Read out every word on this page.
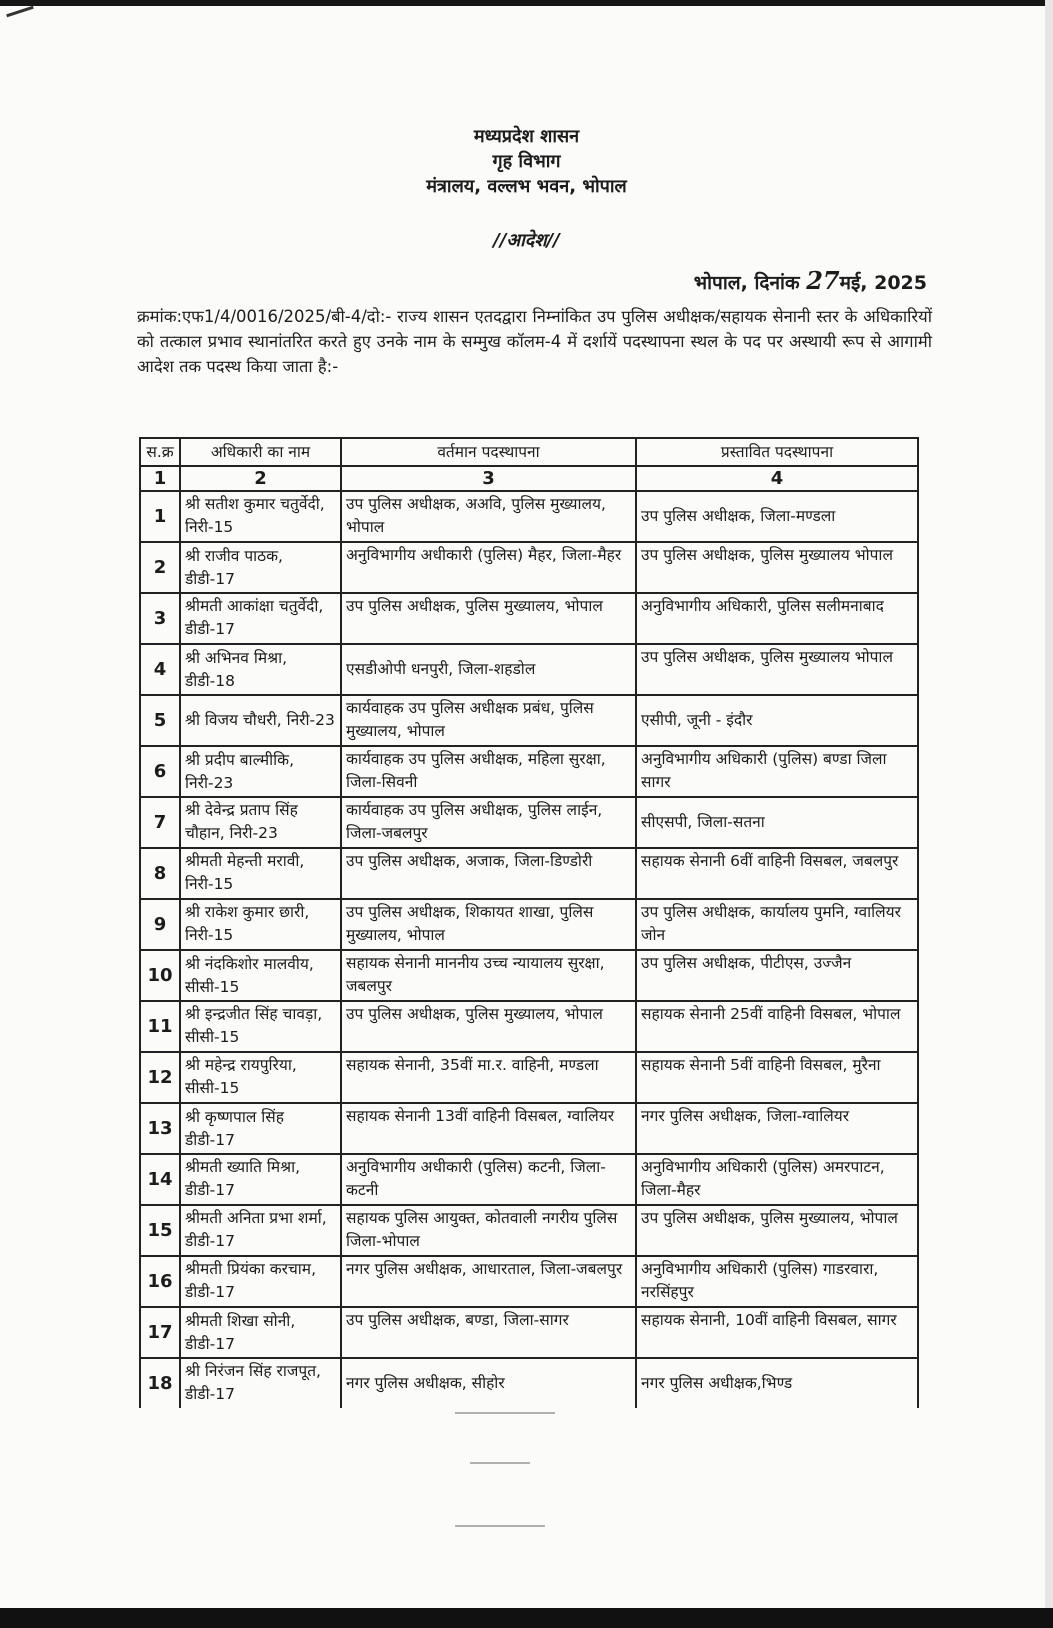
मध्यप्रदेश शासन
गृह विभाग
मंत्रालय, वल्लभ भवन, भोपाल
//आदेश//
भोपाल, दिनांक 27मई, 2025

क्रमांक:एफ1/4/0016/2025/बी-4/दो:- राज्य शासन एतदद्वारा निम्नांकित उप पुलिस अधीक्षक/सहायक सेनानी स्तर के अधिकारियों को तत्काल प्रभाव स्थानांतरित करते हुए उनके नाम के सम्मुख कॉलम-4 में दर्शायें पदस्थापना स्थल के पद पर अस्थायी रूप से आगामी आदेश तक पदस्थ किया जाता है:-

स.क्र	अधिकारी का नाम	वर्तमान पदस्थापना	प्रस्तावित पदस्थापना
1	2	3	4
1	श्री सतीश कुमार चतुर्वेदी, निरी-15	उप पुलिस अधीक्षक, अअवि, पुलिस मुख्यालय, भोपाल	उप पुलिस अधीक्षक, जिला-मण्डला
2	श्री राजीव पाठक, डीडी-17	अनुविभागीय अधीकारी (पुलिस) मैहर, जिला-मैहर	उप पुलिस अधीक्षक, पुलिस मुख्यालय भोपाल
3	श्रीमती आकांक्षा चतुर्वेदी, डीडी-17	उप पुलिस अधीक्षक, पुलिस मुख्यालय, भोपाल	अनुविभागीय अधिकारी, पुलिस सलीमनाबाद
4	श्री अभिनव मिश्रा, डीडी-18	एसडीओपी धनपुरी, जिला-शहडोल	उप पुलिस अधीक्षक, पुलिस मुख्यालय भोपाल
5	श्री विजय चौधरी, निरी-23	कार्यवाहक उप पुलिस अधीक्षक प्रबंध, पुलिस मुख्यालय, भोपाल	एसीपी, जूनी - इंदौर
6	श्री प्रदीप बाल्मीकि, निरी-23	कार्यवाहक उप पुलिस अधीक्षक, महिला सुरक्षा, जिला-सिवनी	अनुविभागीय अधिकारी (पुलिस) बण्डा जिला सागर
7	श्री देवेन्द्र प्रताप सिंह चौहान, निरी-23	कार्यवाहक उप पुलिस अधीक्षक, पुलिस लाईन, जिला-जबलपुर	सीएसपी, जिला-सतना
8	श्रीमती मेहन्ती मरावी, निरी-15	उप पुलिस अधीक्षक, अजाक, जिला-डिण्डोरी	सहायक सेनानी 6वीं वाहिनी विसबल, जबलपुर
9	श्री राकेश कुमार छारी, निरी-15	उप पुलिस अधीक्षक, शिकायत शाखा, पुलिस मुख्यालय, भोपाल	उप पुलिस अधीक्षक, कार्यालय पुमनि, ग्वालियर जोन
10	श्री नंदकिशोर मालवीय, सीसी-15	सहायक सेनानी माननीय उच्च न्यायालय सुरक्षा, जबलपुर	उप पुलिस अधीक्षक, पीटीएस, उज्जैन
11	श्री इन्द्रजीत सिंह चावड़ा, सीसी-15	उप पुलिस अधीक्षक, पुलिस मुख्यालय, भोपाल	सहायक सेनानी 25वीं वाहिनी विसबल, भोपाल
12	श्री महेन्द्र रायपुरिया, सीसी-15	सहायक सेनानी, 35वीं मा.र. वाहिनी, मण्डला	सहायक सेनानी 5वीं वाहिनी विसबल, मुरैना
13	श्री कृष्णपाल सिंह डीडी-17	सहायक सेनानी 13वीं वाहिनी विसबल, ग्वालियर	नगर पुलिस अधीक्षक, जिला-ग्वालियर
14	श्रीमती ख्याति मिश्रा, डीडी-17	अनुविभागीय अधीकारी (पुलिस) कटनी, जिला-कटनी	अनुविभागीय अधिकारी (पुलिस) अमरपाटन, जिला-मैहर
15	श्रीमती अनिता प्रभा शर्मा, डीडी-17	सहायक पुलिस आयुक्त, कोतवाली नगरीय पुलिस जिला-भोपाल	उप पुलिस अधीक्षक, पुलिस मुख्यालय, भोपाल
16	श्रीमती प्रियंका करचाम, डीडी-17	नगर पुलिस अधीक्षक, आधारताल, जिला-जबलपुर	अनुविभागीय अधिकारी (पुलिस) गाडरवारा, नरसिंहपुर
17	श्रीमती शिखा सोनी, डीडी-17	उप पुलिस अधीक्षक, बण्डा, जिला-सागर	सहायक सेनानी, 10वीं वाहिनी विसबल, सागर
18	श्री निरंजन सिंह राजपूत, डीडी-17	नगर पुलिस अधीक्षक, सीहोर	नगर पुलिस अधीक्षक,भिण्ड
